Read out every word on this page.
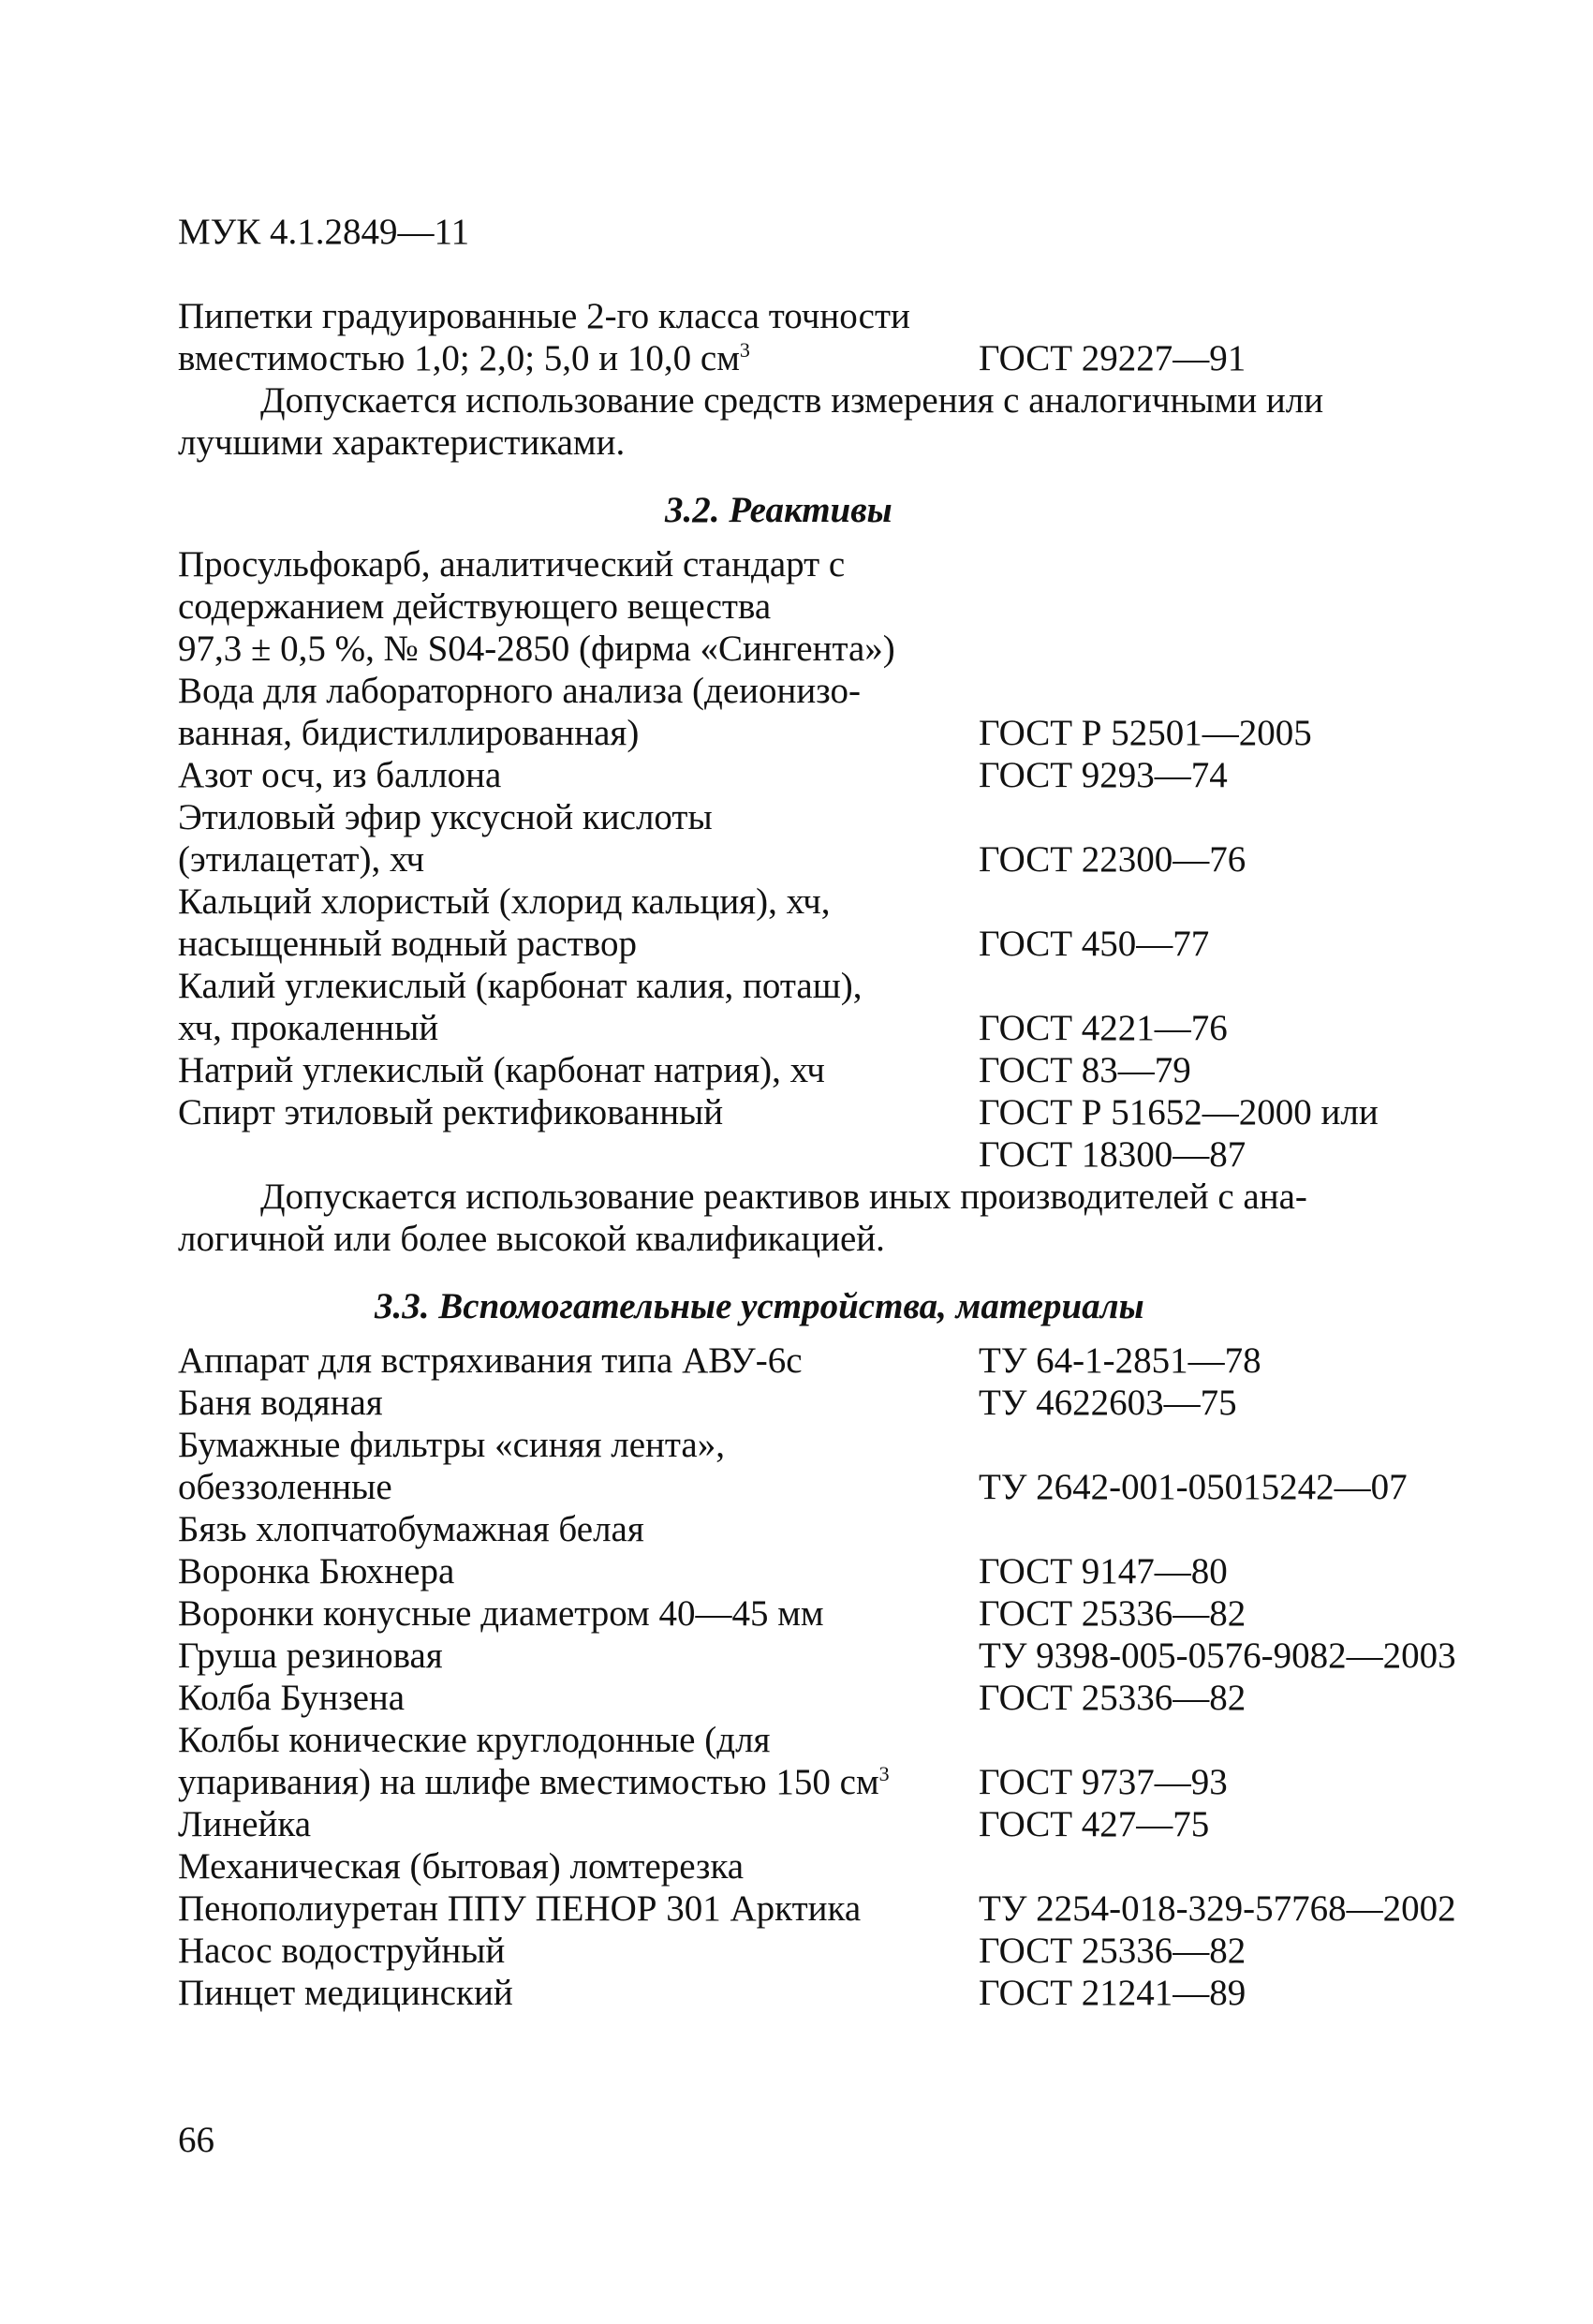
МУК 4.1.2849—11
Пипетки градуированные 2-го класса точности
вместимостью 1,0; 2,0; 5,0 и 10,0 $см^3$	ГОСТ 29227—91
Допускается использование средств измерения с аналогичными или
лучшими характеристиками.
3.2. Реактивы
Просульфокарб, аналитический стандарт с
содержанием действующего вещества
97,3 ± 0,5 %, № S04-2850 (фирма «Сингента»)
Вода для лабораторного анализа (деионизо-
ванная, бидистиллированная)	ГОСТ Р 52501—2005
Азот осч, из баллона	ГОСТ 9293—74
Этиловый эфир уксусной кислоты
(этилацетат), хч	ГОСТ 22300—76
Кальций хлористый (хлорид кальция), хч,
насыщенный водный раствор	ГОСТ 450—77
Калий углекислый (карбонат калия, поташ),
хч, прокаленный	ГОСТ 4221—76
Натрий углекислый (карбонат натрия), хч	ГОСТ 83—79
Спирт этиловый ректификованный	ГОСТ Р 51652—2000 или
ГОСТ 18300—87
Допускается использование реактивов иных производителей с ана-
логичной или более высокой квалификацией.
3.3. Вспомогательные устройства, материалы
Аппарат для встряхивания типа АВУ-6с	ТУ 64-1-2851—78
Баня водяная	ТУ 4622603—75
Бумажные фильтры «синяя лента»,
обеззоленные	ТУ 2642-001-05015242—07
Бязь хлопчатобумажная белая
Воронка Бюхнера	ГОСТ 9147—80
Воронки конусные диаметром 40—45 мм	ГОСТ 25336—82
Груша резиновая	ТУ 9398-005-0576-9082—2003
Колба Бунзена	ГОСТ 25336—82
Колбы конические круглодонные (для
упаривания) на шлифе вместимостью 150 $см^3$ ГОСТ 9737—93
Линейка	ГОСТ 427—75
Механическая (бытовая) ломтерезка
Пенополиуретан ППУ ПЕНОР 301 Арктика	ТУ 2254-018-329-57768—2002
Насос водоструйный	ГОСТ 25336—82
Пинцет медицинский	ГОСТ 21241—89
66
